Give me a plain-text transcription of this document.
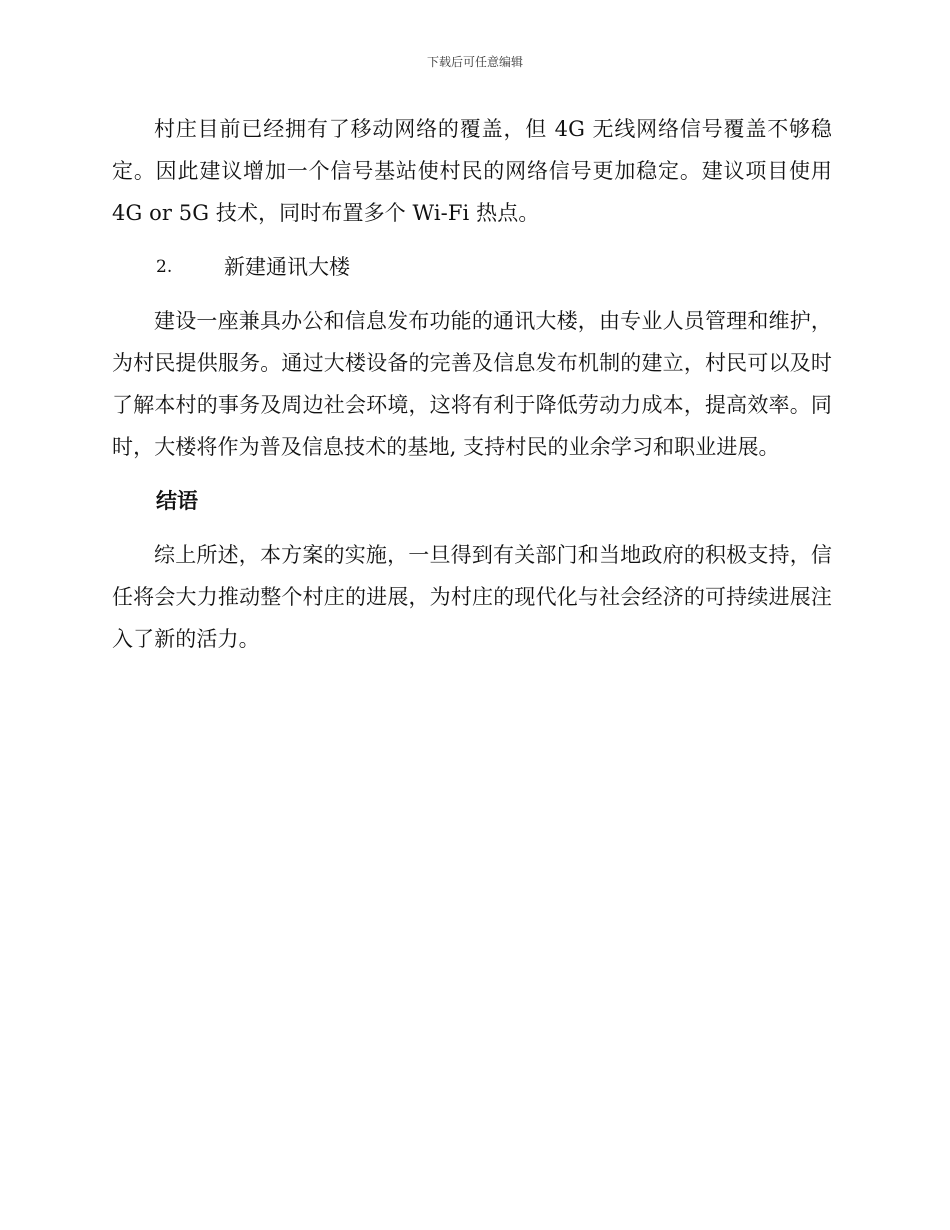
下载后可任意编辑

村庄目前已经拥有了移动网络的覆盖，但 4G 无线网络信号覆盖不够稳定。因此建议增加一个信号基站使村民的网络信号更加稳定。建议项目使用 4G or 5G 技术，同时布置多个 Wi-Fi 热点。

2.	新建通讯大楼

建设一座兼具办公和信息发布功能的通讯大楼，由专业人员管理和维护，为村民提供服务。通过大楼设备的完善及信息发布机制的建立，村民可以及时了解本村的事务及周边社会环境，这将有利于降低劳动力成本，提高效率。同时，大楼将作为普及信息技术的基地, 支持村民的业余学习和职业进展。

结语

综上所述，本方案的实施，一旦得到有关部门和当地政府的积极支持，信任将会大力推动整个村庄的进展，为村庄的现代化与社会经济的可持续进展注入了新的活力。
